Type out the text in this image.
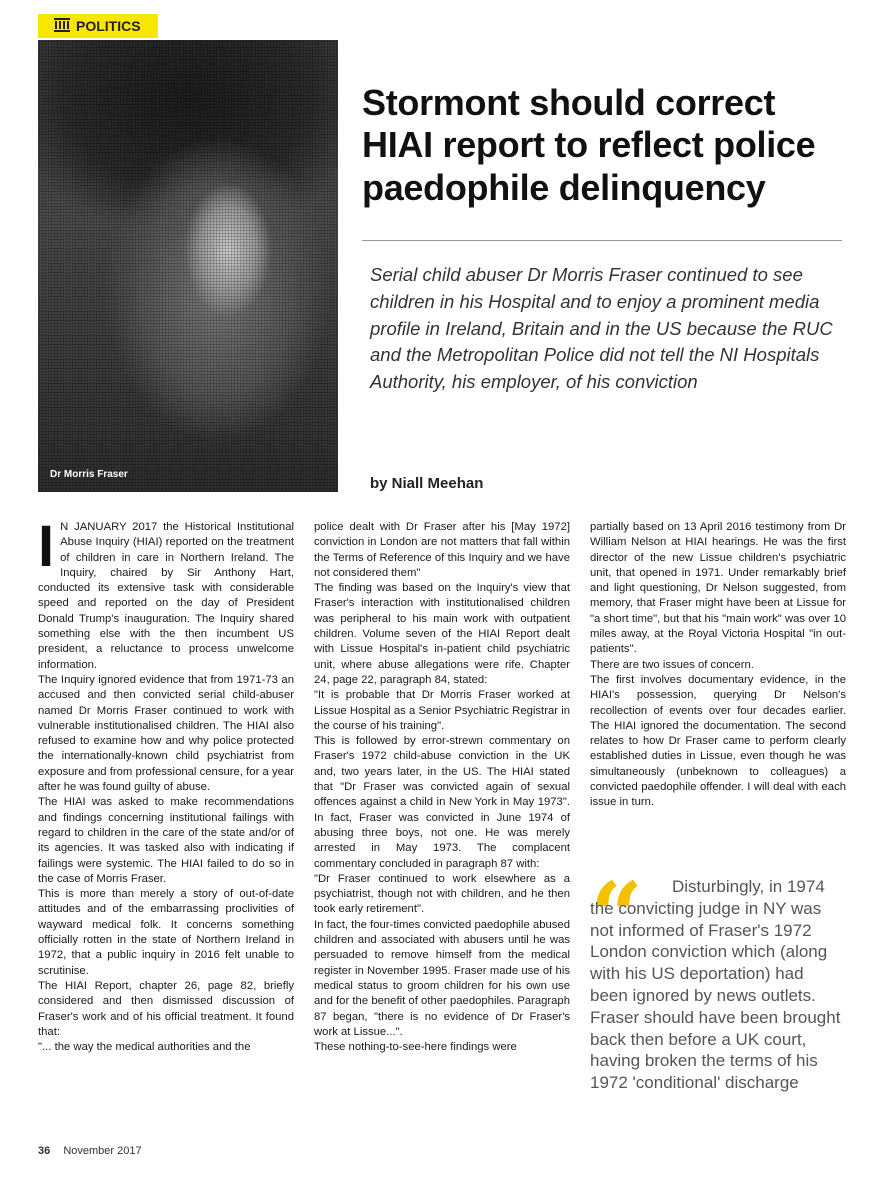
POLITICS
Dr Morris Fraser
Stormont should correct HIAI report to reflect police paedophile delinquency

Serial child abuser Dr Morris Fraser continued to see children in his Hospital and to enjoy a prominent media profile in Ireland, Britain and in the US because the RUC and the Metropolitan Police did not tell the NI Hospitals Authority, his employer, of his conviction

by Niall Meehan

I N JANUARY 2017 the Historical Institutional Abuse Inquiry (HIAI) reported on the treatment of children in care in Northern Ireland. The Inquiry, chaired by Sir Anthony Hart, conducted its extensive task with considerable speed and reported on the day of President Donald Trump's inauguration. The Inquiry shared something else with the then incumbent US president, a reluctance to process unwelcome information.

The Inquiry ignored evidence that from 1971-73 an accused and then convicted serial child-abuser named Dr Morris Fraser continued to work with vulnerable institutionalised children. The HIAI also refused to examine how and why police protected the internationally-known child psychiatrist from exposure and from professional censure, for a year after he was found guilty of abuse.

The HIAI was asked to make recommendations and findings concerning institutional failings with regard to children in the care of the state and/or of its agencies. It was tasked also with indicating if failings were systemic. The HIAI failed to do so in the case of Morris Fraser.

This is more than merely a story of out-of-date attitudes and of the embarrassing proclivities of wayward medical folk. It concerns something officially rotten in the state of Northern Ireland in 1972, that a public inquiry in 2016 felt unable to scrutinise.

The HIAI Report, chapter 26, page 82, briefly considered and then dismissed discussion of Fraser's work and of his official treatment. It found that:

"... the way the medical authorities and the

police dealt with Dr Fraser after his [May 1972] conviction in London are not matters that fall within the Terms of Reference of this Inquiry and we have not considered them"

The finding was based on the Inquiry's view that Fraser's interaction with institutionalised children was peripheral to his main work with outpatient children. Volume seven of the HIAI Report dealt with Lissue Hospital's in-patient child psychiatric unit, where abuse allegations were rife. Chapter 24, page 22, paragraph 84, stated:

"It is probable that Dr Morris Fraser worked at Lissue Hospital as a Senior Psychiatric Registrar in the course of his training".

This is followed by error-strewn commentary on Fraser's 1972 child-abuse conviction in the UK and, two years later, in the US. The HIAI stated that "Dr Fraser was convicted again of sexual offences against a child in New York in May 1973". In fact, Fraser was convicted in June 1974 of abusing three boys, not one. He was merely arrested in May 1973. The complacent commentary concluded in paragraph 87 with:

"Dr Fraser continued to work elsewhere as a psychiatrist, though not with children, and he then took early retirement".

In fact, the four-times convicted paedophile abused children and associated with abusers until he was persuaded to remove himself from the medical register in November 1995. Fraser made use of his medical status to groom children for his own use and for the benefit of other paedophiles. Paragraph 87 began, "there is no evidence of Dr Fraser's work at Lissue...".

These nothing-to-see-here findings were

partially based on 13 April 2016 testimony from Dr William Nelson at HIAI hearings. He was the first director of the new Lissue children's psychiatric unit, that opened in 1971. Under remarkably brief and light questioning, Dr Nelson suggested, from memory, that Fraser might have been at Lissue for "a short time", but that his "main work" was over 10 miles away, at the Royal Victoria Hospital "in out-patients".

There are two issues of concern.

The first involves documentary evidence, in the HIAI's possession, querying Dr Nelson's recollection of events over four decades earlier. The HIAI ignored the documentation. The second relates to how Dr Fraser came to perform clearly established duties in Lissue, even though he was simultaneously (unbeknown to colleagues) a convicted paedophile offender. I will deal with each issue in turn.

“	Disturbingly, in 1974 the convicting judge in NY was not informed of Fraser's 1972 London conviction which (along with his US deportation) had been ignored by news outlets. Fraser should have been brought back then before a UK court, having broken the terms of his 1972 'conditional' discharge

36 November 2017
